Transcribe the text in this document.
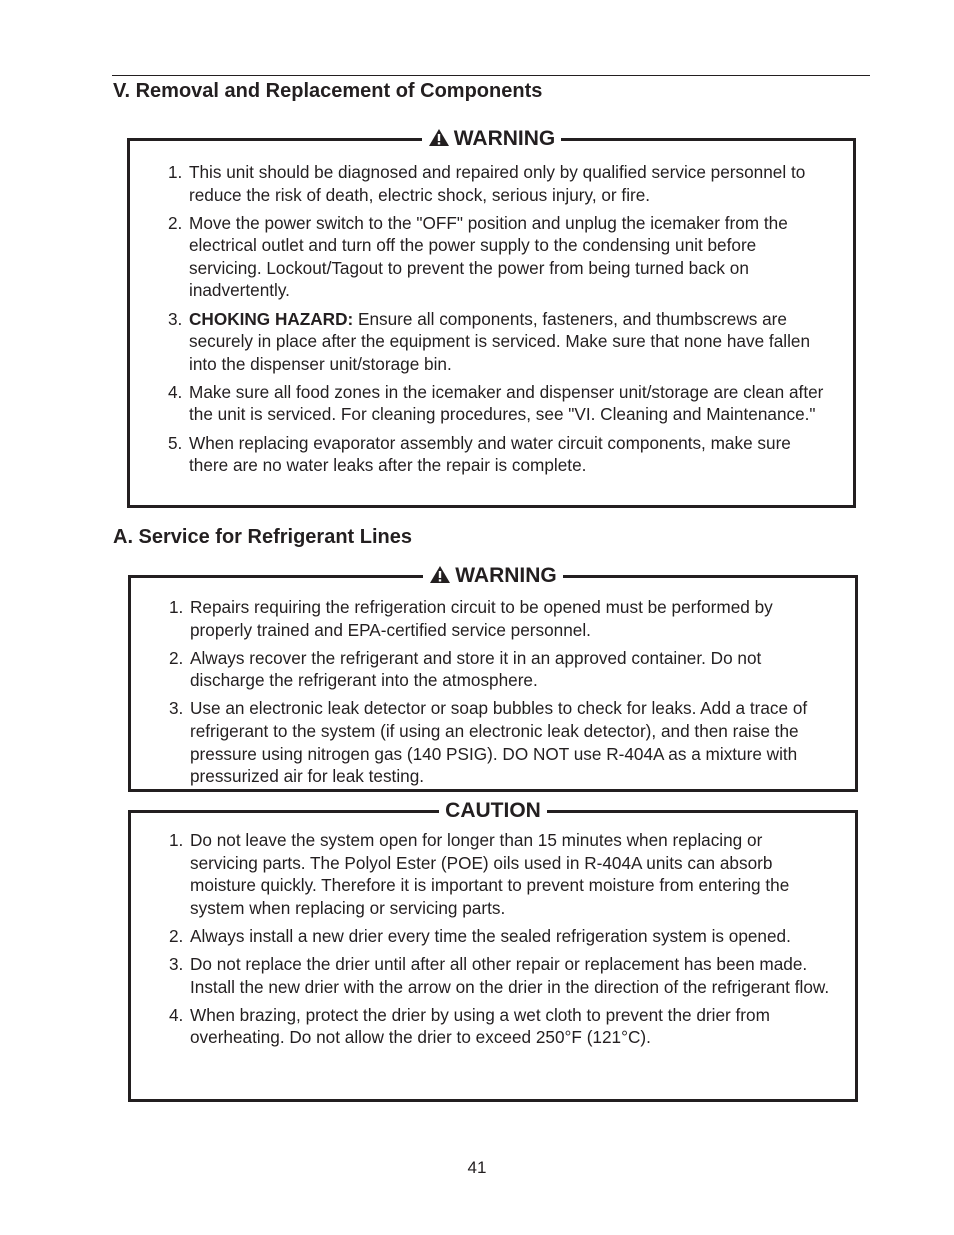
V. Removal and Replacement of Components
WARNING
1. This unit should be diagnosed and repaired only by qualified service personnel to reduce the risk of death, electric shock, serious injury, or fire.
2. Move the power switch to the "OFF" position and unplug the icemaker from the electrical outlet and turn off the power supply to the condensing unit before servicing. Lockout/Tagout to prevent the power from being turned back on inadvertently.
3. CHOKING HAZARD: Ensure all components, fasteners, and thumbscrews are securely in place after the equipment is serviced. Make sure that none have fallen into the dispenser unit/storage bin.
4. Make sure all food zones in the icemaker and dispenser unit/storage are clean after the unit is serviced. For cleaning procedures, see "VI. Cleaning and Maintenance."
5. When replacing evaporator assembly and water circuit components, make sure there are no water leaks after the repair is complete.
A. Service for Refrigerant Lines
WARNING
1. Repairs requiring the refrigeration circuit to be opened must be performed by properly trained and EPA-certified service personnel.
2. Always recover the refrigerant and store it in an approved container. Do not discharge the refrigerant into the atmosphere.
3. Use an electronic leak detector or soap bubbles to check for leaks. Add a trace of refrigerant to the system (if using an electronic leak detector), and then raise the pressure using nitrogen gas (140 PSIG). DO NOT use R-404A as a mixture with pressurized air for leak testing.
CAUTION
1. Do not leave the system open for longer than 15 minutes when replacing or servicing parts. The Polyol Ester (POE) oils used in R-404A units can absorb moisture quickly. Therefore it is important to prevent moisture from entering the system when replacing or servicing parts.
2. Always install a new drier every time the sealed refrigeration system is opened.
3. Do not replace the drier until after all other repair or replacement has been made. Install the new drier with the arrow on the drier in the direction of the refrigerant flow.
4. When brazing, protect the drier by using a wet cloth to prevent the drier from overheating. Do not allow the drier to exceed 250°F (121°C).
41
